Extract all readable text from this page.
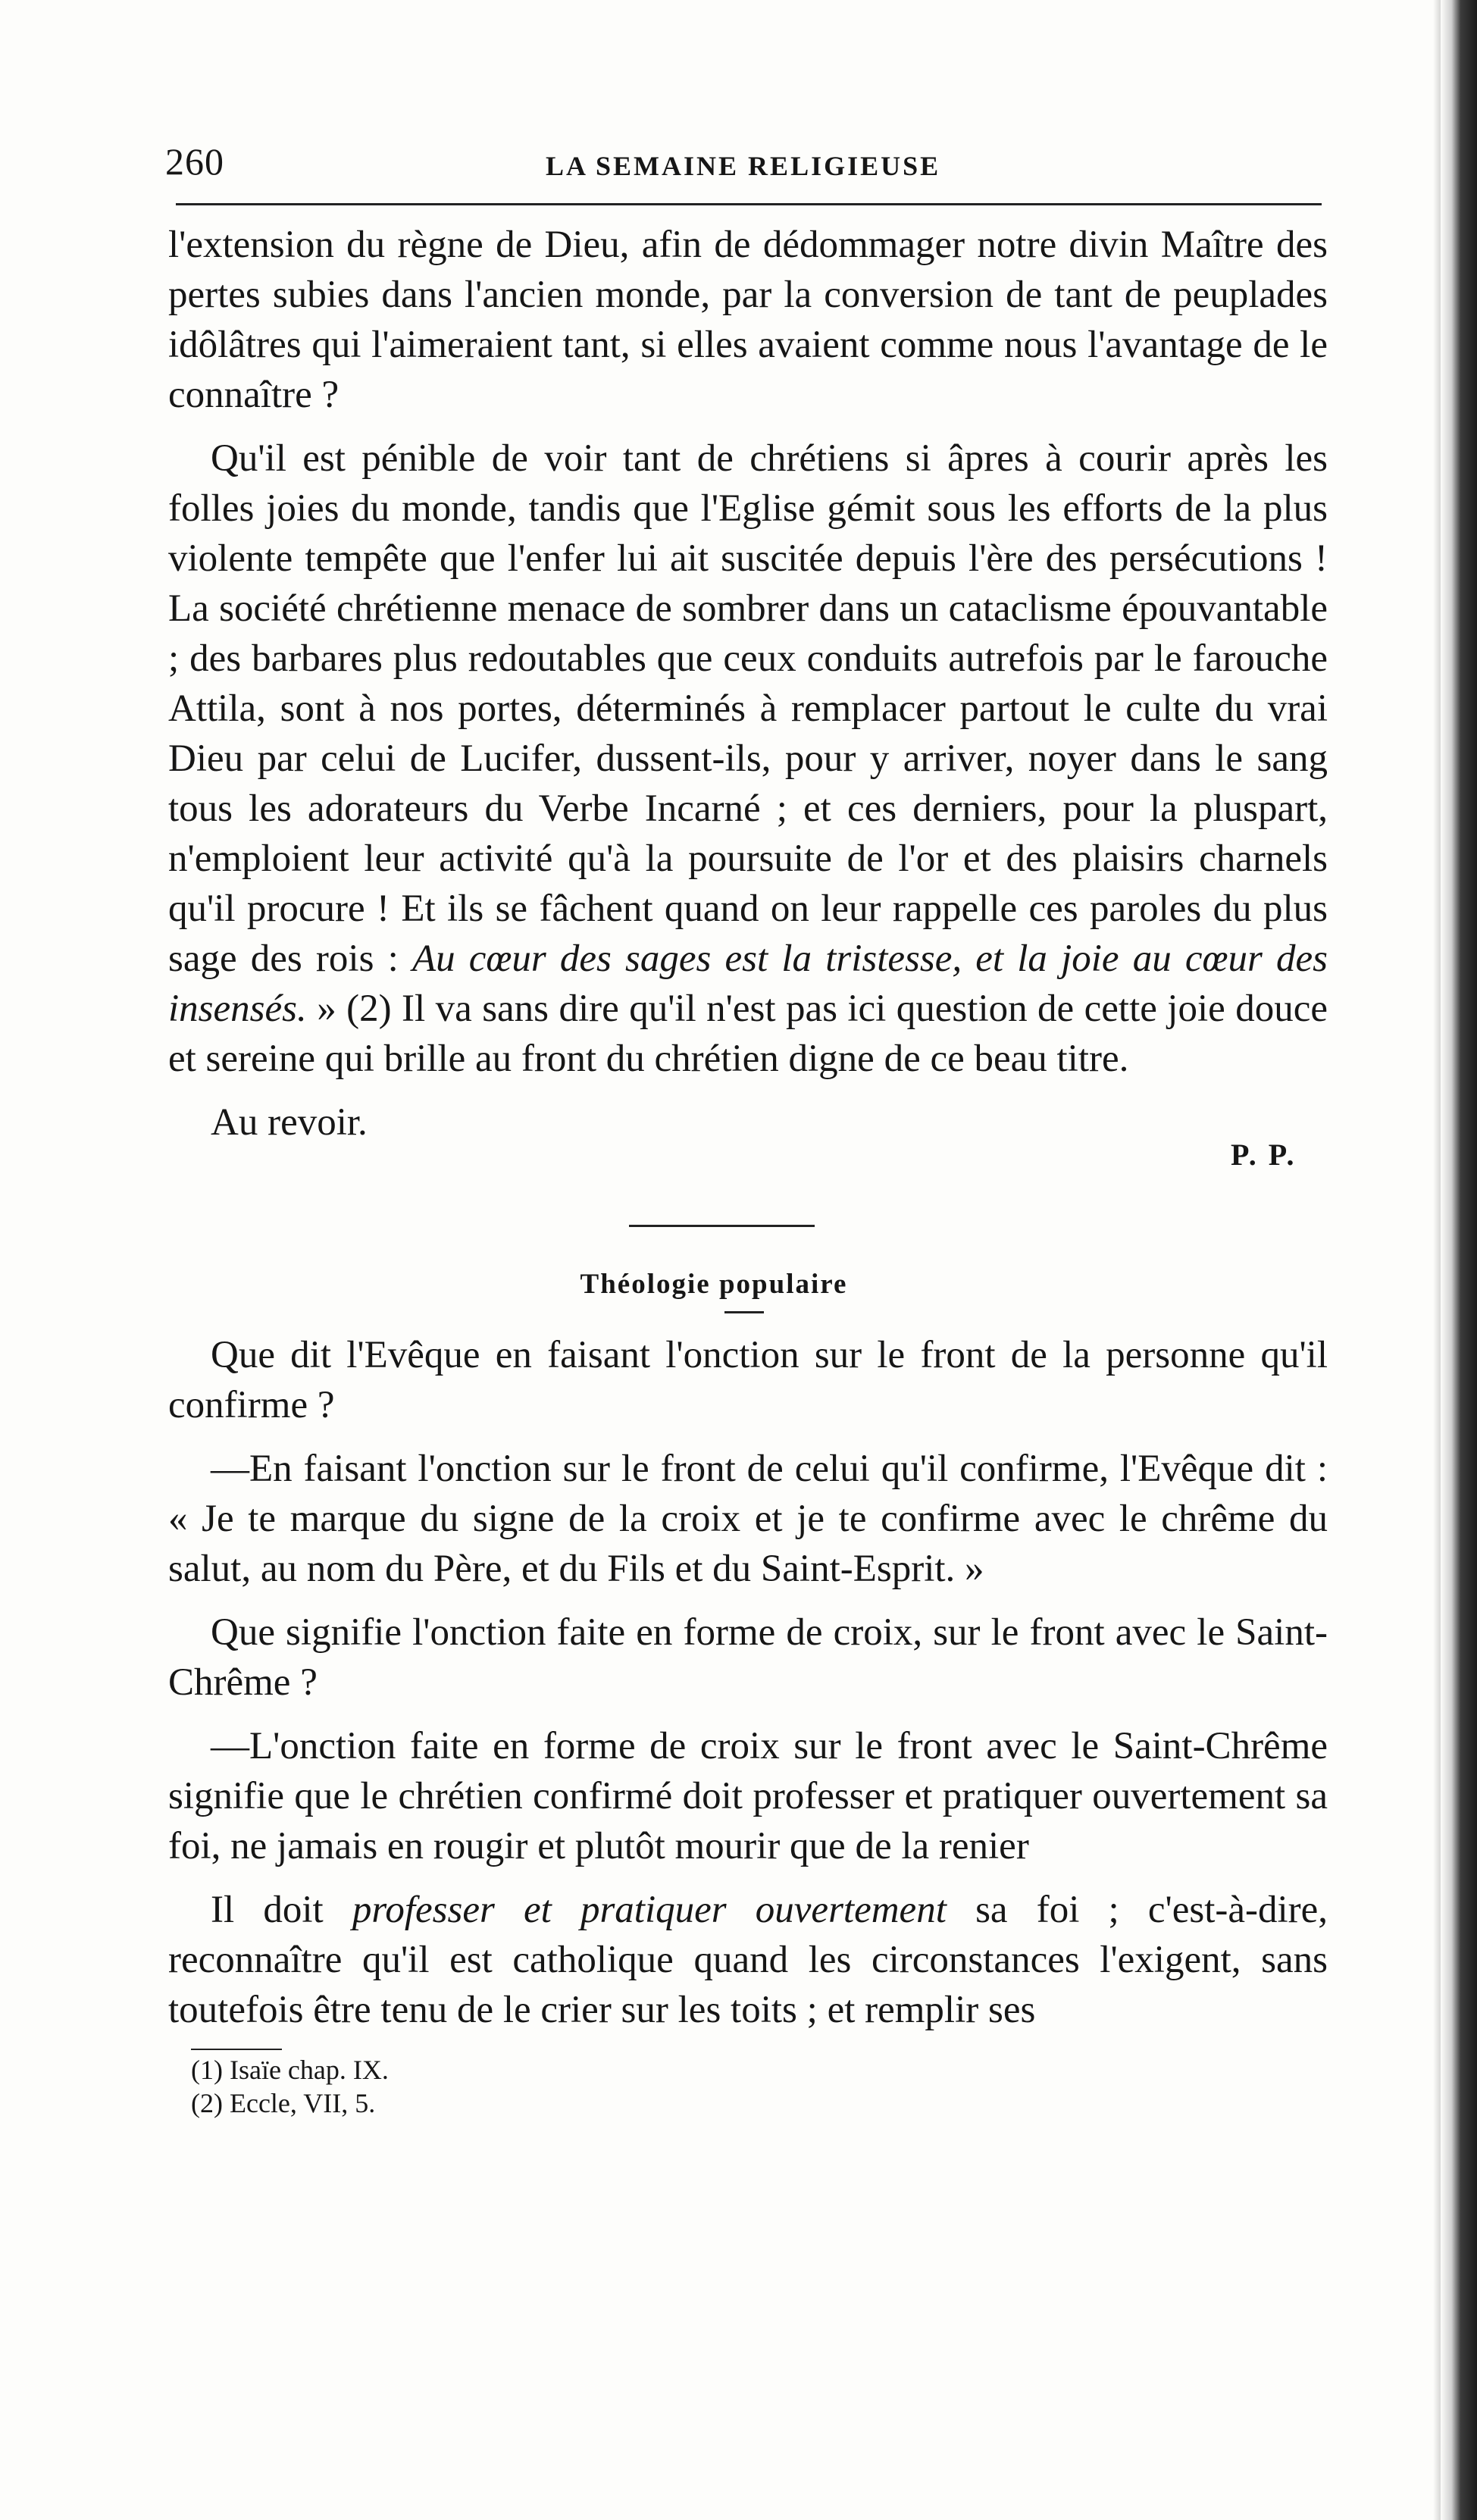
260	LA SEMAINE RELIGIEUSE

l'extension du règne de Dieu, afin de dédommager notre divin Maître des pertes subies dans l'ancien monde, par la conversion de tant de peuplades idôlâtres qui l'aimeraient tant, si elles avaient comme nous l'avantage de le connaître ?

Qu'il est pénible de voir tant de chrétiens si âpres à courir après les folles joies du monde, tandis que l'Eglise gémit sous les efforts de la plus violente tempête que l'enfer lui ait suscitée depuis l'ère des persécutions ! La société chrétienne menace de sombrer dans un cataclisme épouvantable ; des barbares plus redoutables que ceux conduits autrefois par le farouche Attila, sont à nos portes, déterminés à remplacer partout le culte du vrai Dieu par celui de Lucifer, dussent-ils, pour y arriver, noyer dans le sang tous les adorateurs du Verbe Incarné ; et ces derniers, pour la pluspart, n'emploient leur activité qu'à la poursuite de l'or et des plaisirs charnels qu'il procure ! Et ils se fâchent quand on leur rappelle ces paroles du plus sage des rois : Au cœur des sages est la tristesse, et la joie au cœur des insensés. » (2) Il va sans dire qu'il n'est pas ici question de cette joie douce et sereine qui brille au front du chrétien digne de ce beau titre.

Au revoir.
P. P.
Théologie populaire

Que dit l'Evêque en faisant l'onction sur le front de la personne qu'il confirme ?

—En faisant l'onction sur le front de celui qu'il confirme, l'Evêque dit : « Je te marque du signe de la croix et je te confirme avec le chrême du salut, au nom du Père, et du Fils et du Saint-Esprit. »

Que signifie l'onction faite en forme de croix, sur le front avec le Saint-Chrême ?

—L'onction faite en forme de croix sur le front avec le Saint-Chrême signifie que le chrétien confirmé doit professer et pratiquer ouvertement sa foi, ne jamais en rougir et plutôt mourir que de la renier

Il doit professer et pratiquer ouvertement sa foi ; c'est-à-dire, reconnaître qu'il est catholique quand les circonstances l'exigent, sans toutefois être tenu de le crier sur les toits ; et remplir ses

(1) Isaïe chap. IX.
(2) Eccle, VII, 5.
